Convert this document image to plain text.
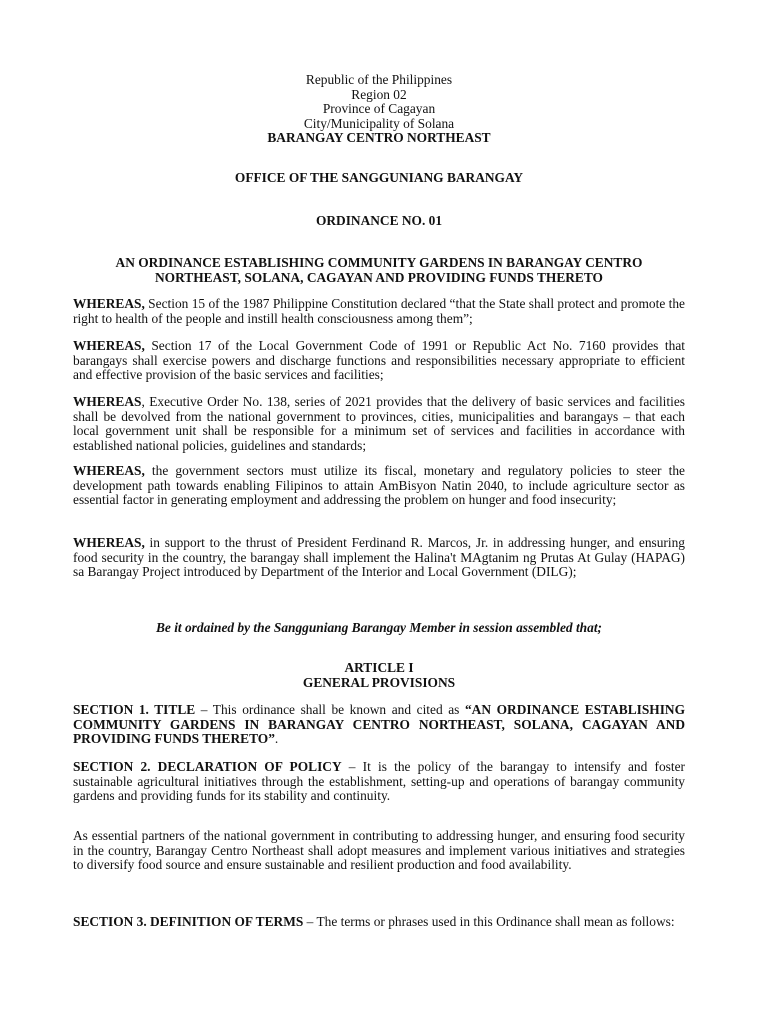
Republic of the Philippines
Region 02
Province of Cagayan
City/Municipality of Solana
BARANGAY CENTRO NORTHEAST
OFFICE OF THE SANGGUNIANG BARANGAY
ORDINANCE NO. 01
AN ORDINANCE ESTABLISHING COMMUNITY GARDENS IN BARANGAY CENTRO NORTHEAST, SOLANA, CAGAYAN AND PROVIDING FUNDS THERETO
WHEREAS, Section 15 of the 1987 Philippine Constitution declared “that the State shall protect and promote the right to health of the people and instill health consciousness among them”;
WHEREAS, Section 17 of the Local Government Code of 1991 or Republic Act No. 7160 provides that barangays shall exercise powers and discharge functions and responsibilities necessary appropriate to efficient and effective provision of the basic services and facilities;
WHEREAS, Executive Order No. 138, series of 2021 provides that the delivery of basic services and facilities shall be devolved from the national government to provinces, cities, municipalities and barangays – that each local government unit shall be responsible for a minimum set of services and facilities in accordance with established national policies, guidelines and standards;
WHEREAS, the government sectors must utilize its fiscal, monetary and regulatory policies to steer the development path towards enabling Filipinos to attain AmBisyon Natin 2040, to include agriculture sector as essential factor in generating employment and addressing the problem on hunger and food insecurity;
WHEREAS, in support to the thrust of President Ferdinand R. Marcos, Jr. in addressing hunger, and ensuring food security in the country, the barangay shall implement the Halina't MAgtanim ng Prutas At Gulay (HAPAG) sa Barangay Project introduced by Department of the Interior and Local Government (DILG);
Be it ordained by the Sangguniang Barangay Member in session assembled that;
ARTICLE I
GENERAL PROVISIONS
SECTION 1. TITLE – This ordinance shall be known and cited as “AN ORDINANCE ESTABLISHING COMMUNITY GARDENS IN BARANGAY CENTRO NORTHEAST, SOLANA, CAGAYAN AND PROVIDING FUNDS THERETO”.
SECTION 2. DECLARATION OF POLICY – It is the policy of the barangay to intensify and foster sustainable agricultural initiatives through the establishment, setting-up and operations of barangay community gardens and providing funds for its stability and continuity.
As essential partners of the national government in contributing to addressing hunger, and ensuring food security in the country, Barangay Centro Northeast shall adopt measures and implement various initiatives and strategies to diversify food source and ensure sustainable and resilient production and food availability.
SECTION 3. DEFINITION OF TERMS – The terms or phrases used in this Ordinance shall mean as follows:
